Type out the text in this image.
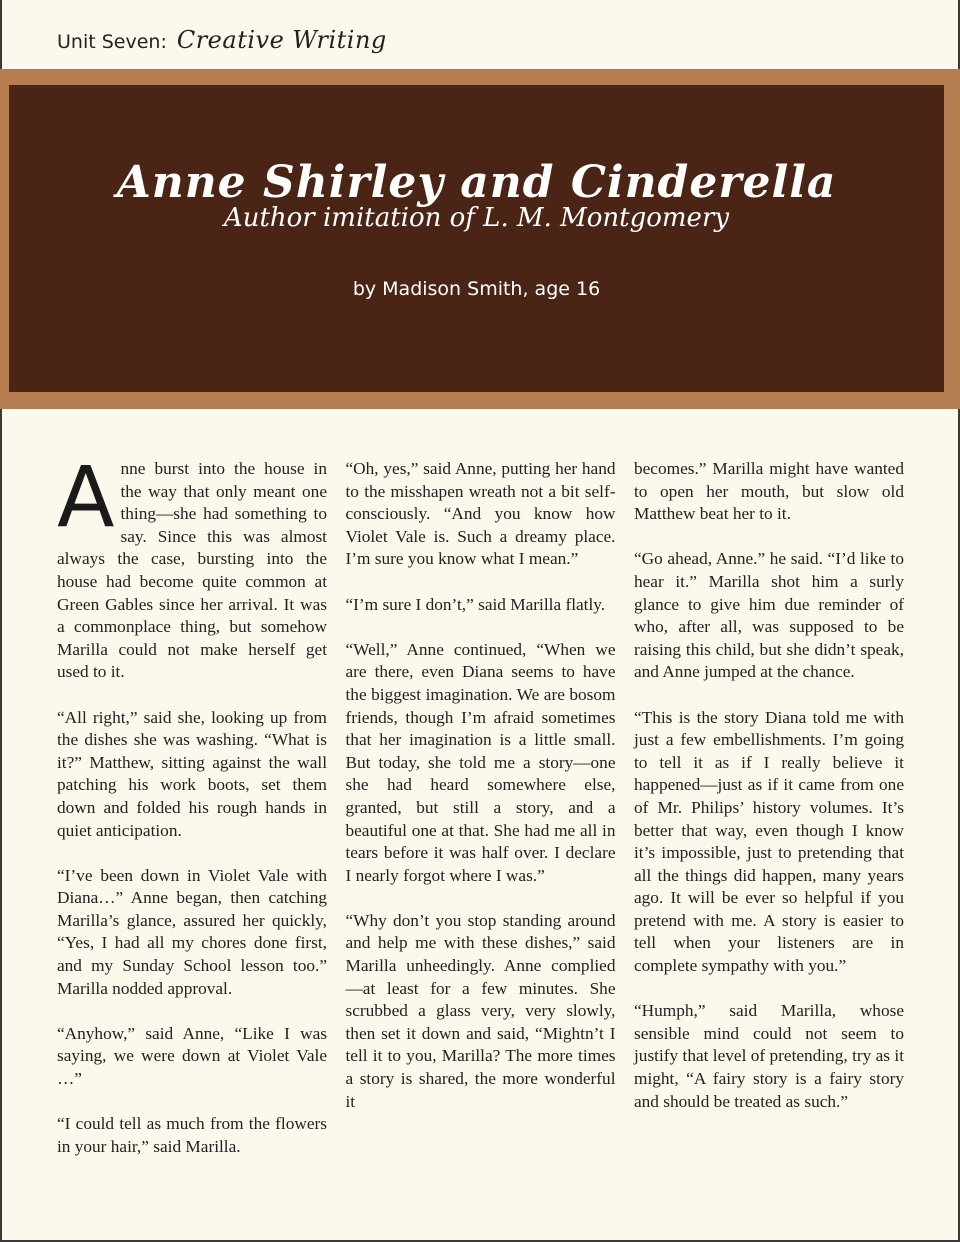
Unit Seven: Creative Writing
Anne Shirley and Cinderella
Author imitation of L. M. Montgomery
by Madison Smith, age 16

Anne burst into the house in the way that only meant one thing—she had something to say. Since this was almost always the case, bursting into the house had become quite common at Green Gables since her arrival. It was a commonplace thing, but somehow Marilla could not make herself get used to it.

“All right,” said she, looking up from the dishes she was washing. “What is it?” Matthew, sitting against the wall patching his work boots, set them down and folded his rough hands in quiet anticipation.

“I’ve been down in Violet Vale with Diana…” Anne began, then catching Marilla’s glance, assured her quickly, “Yes, I had all my chores done first, and my Sunday School lesson too.” Marilla nodded approval.

“Anyhow,” said Anne, “Like I was saying, we were down at Violet Vale …”

“I could tell as much from the flowers in your hair,” said Marilla.

“Oh, yes,” said Anne, putting her hand to the misshapen wreath not a bit self-consciously. “And you know how Violet Vale is. Such a dreamy place. I’m sure you know what I mean.”

“I’m sure I don’t,” said Marilla flatly.

“Well,” Anne continued, “When we are there, even Diana seems to have the biggest imagination. We are bosom friends, though I’m afraid sometimes that her imagination is a little small. But today, she told me a story—one she had heard somewhere else, granted, but still a story, and a beautiful one at that. She had me all in tears before it was half over. I declare I nearly forgot where I was.”

“Why don’t you stop standing around and help me with these dishes,” said Marilla unheedingly. Anne complied—at least for a few minutes. She scrubbed a glass very, very slowly, then set it down and said, “Mightn’t I tell it to you, Marilla? The more times a story is shared, the more wonderful it

becomes.” Marilla might have wanted to open her mouth, but slow old Matthew beat her to it.

“Go ahead, Anne.” he said. “I’d like to hear it.” Marilla shot him a surly glance to give him due reminder of who, after all, was supposed to be raising this child, but she didn’t speak, and Anne jumped at the chance.

“This is the story Diana told me with just a few embellishments. I’m going to tell it as if I really believe it happened—just as if it came from one of Mr. Philips’ history volumes. It’s better that way, even though I know it’s impossible, just to pretending that all the things did happen, many years ago. It will be ever so helpful if you pretend with me. A story is easier to tell when your listeners are in complete sympathy with you.”

“Humph,” said Marilla, whose sensible mind could not seem to justify that level of pretending, try as it might, “A fairy story is a fairy story and should be treated as such.”
